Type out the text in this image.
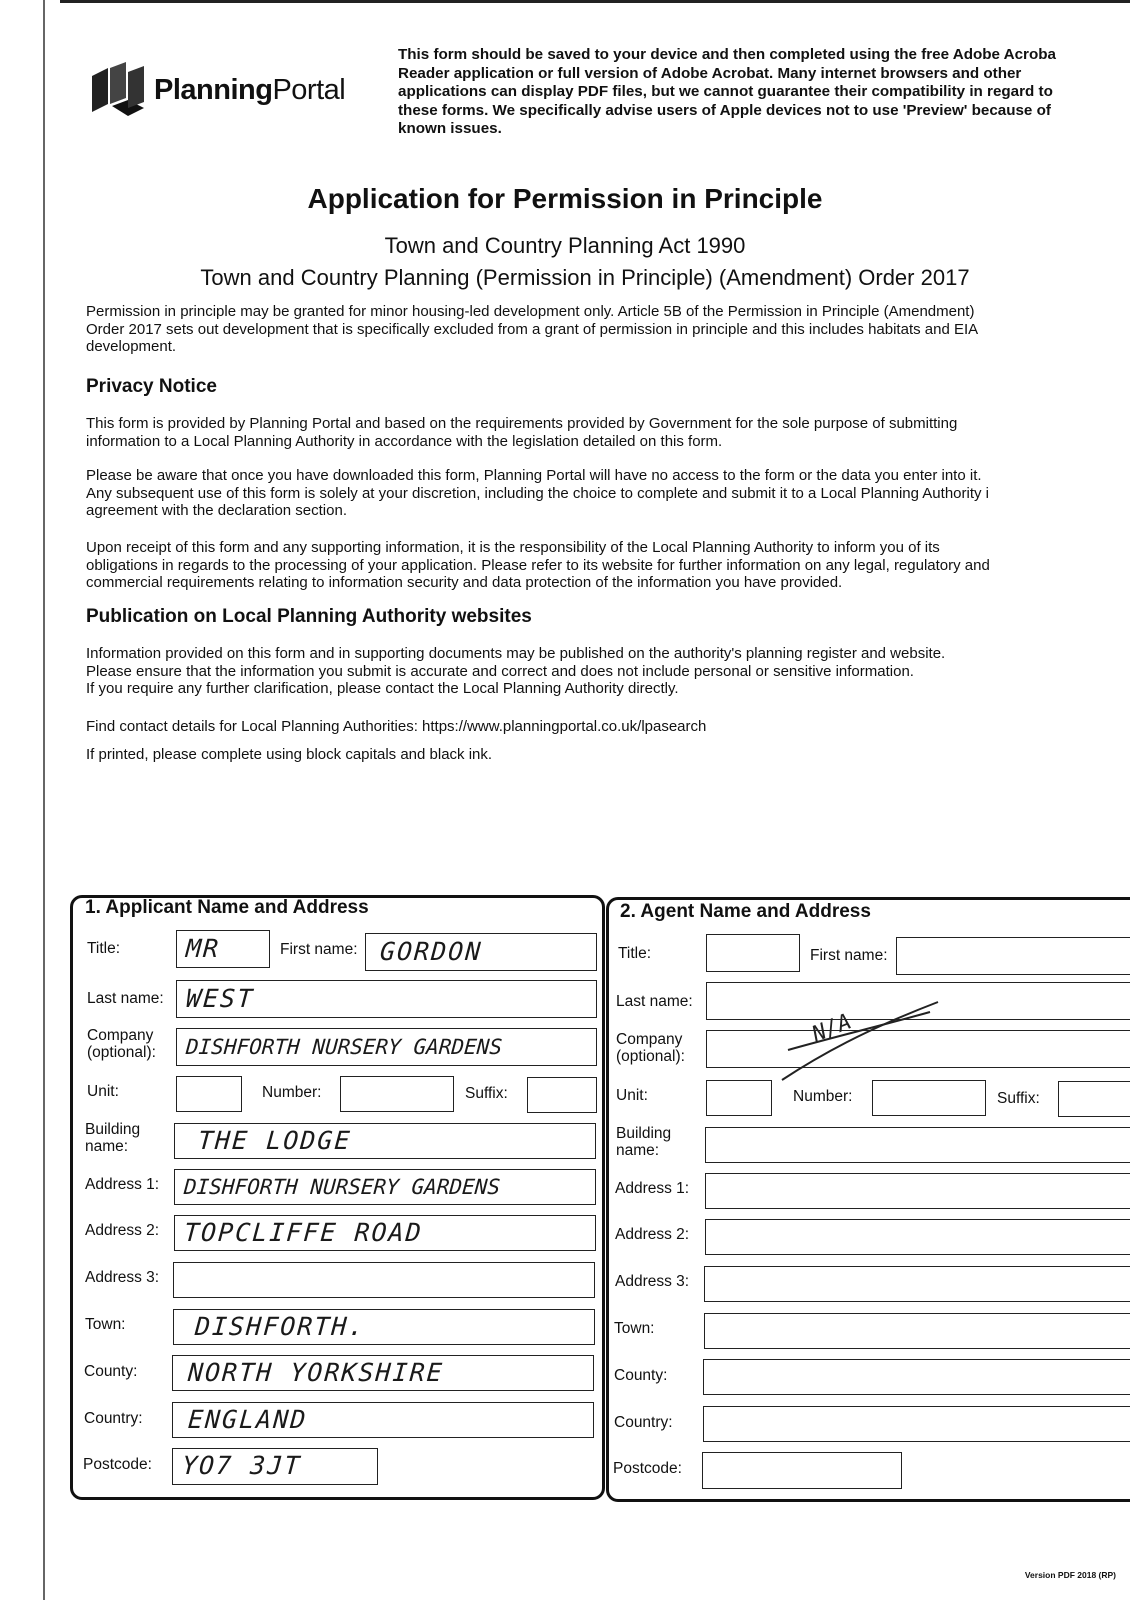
PlanningPortal

This form should be saved to your device and then completed using the free Adobe Acroba
Reader application or full version of Adobe Acrobat. Many internet browsers and other
applications can display PDF files, but we cannot guarantee their compatibility in regard to
these forms. We specifically advise users of Apple devices not to use 'Preview' because of
known issues.

Application for Permission in Principle

Town and Country Planning Act 1990

Town and Country Planning (Permission in Principle) (Amendment) Order 2017

Permission in principle may be granted for minor housing-led development only. Article 5B of the Permission in Principle (Amendment)
Order 2017 sets out development that is specifically excluded from a grant of permission in principle and this includes habitats and EIA
development.

Privacy Notice

This form is provided by Planning Portal and based on the requirements provided by Government for the sole purpose of submitting
information to a Local Planning Authority in accordance with the legislation detailed on this form.

Please be aware that once you have downloaded this form, Planning Portal will have no access to the form or the data you enter into it.
Any subsequent use of this form is solely at your discretion, including the choice to complete and submit it to a Local Planning Authority i
agreement with the declaration section.

Upon receipt of this form and any supporting information, it is the responsibility of the Local Planning Authority to inform you of its
obligations in regards to the processing of your application. Please refer to its website for further information on any legal, regulatory and
commercial requirements relating to information security and data protection of the information you have provided.

Publication on Local Planning Authority websites

Information provided on this form and in supporting documents may be published on the authority's planning register and website.
Please ensure that the information you submit is accurate and correct and does not include personal or sensitive information.
If you require any further clarification, please contact the Local Planning Authority directly.

Find contact details for Local Planning Authorities: https://www.planningportal.co.uk/lpasearch

If printed, please complete using block capitals and black ink.

1. Applicant Name and Address
Title:	MR	First name: GORDON
Last name: WEST
Company
(optional):	DISHFORTH NURSERY GARDENS
Unit:	Number:	Suffix:
Building
name:	THE LODGE
Address 1:	DISHFORTH NURSERY GARDENS
Address 2: TOPCLIFFE ROAD
Address 3:
Town:	DISHFORTH.
County:	NORTH YORKSHIRE
Country:	ENGLAND
Postcode:	YO7 3JT
2. Agent Name and Address
Title:	First name:
Last name:
Company
(optional):
Unit:	Number:	Suffix:
Building
name:
Address 1:
Address 2:
Address 3:
Town:
County:
Country:
Postcode:
N/A
Version PDF 2018 (RP)
